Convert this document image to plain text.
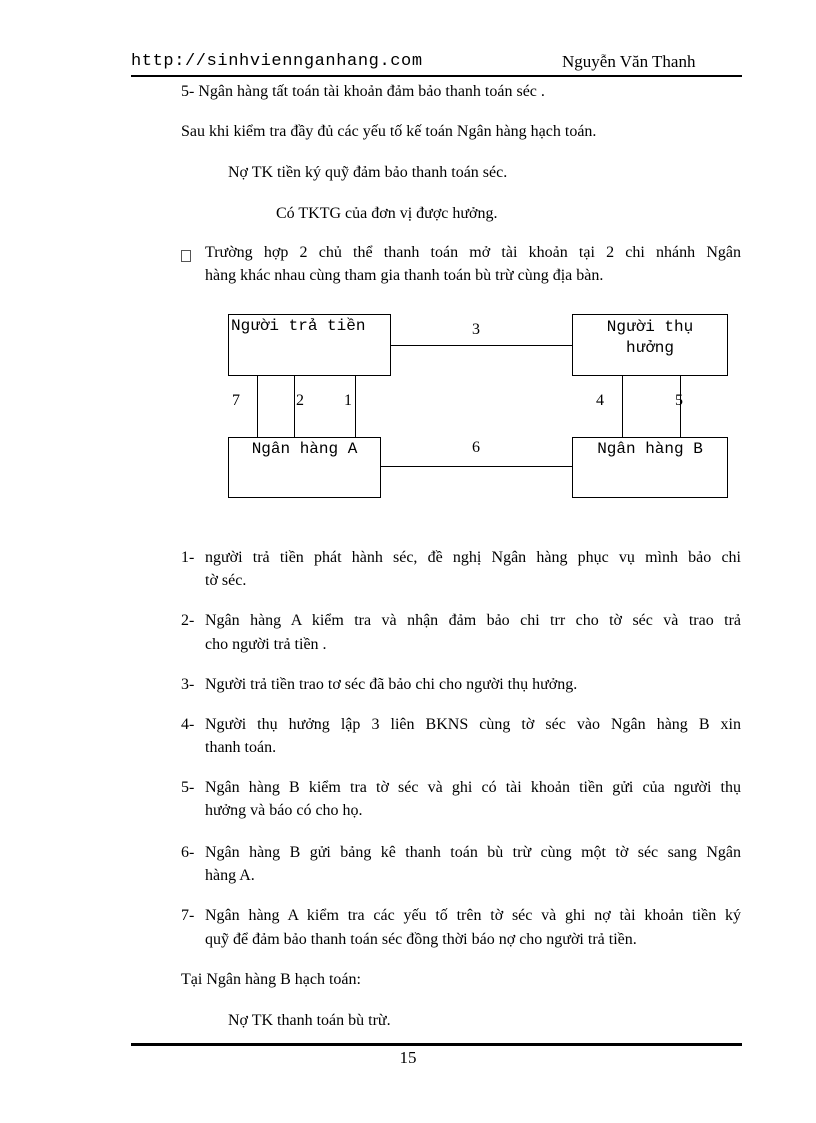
http://sinhviennganhang.com	Nguyễn Văn Thanh
5- Ngân hàng tất toán tài khoản đảm bảo thanh toán séc .
Sau khi kiểm tra đầy đủ các yếu tố kế toán Ngân hàng hạch toán.
Nợ TK tiền ký quỹ đảm bảo thanh toán séc.
Có TKTG của đơn vị được hưởng.
Trường hợp 2 chủ thể thanh toán mở tài khoản tại 2 chi nhánh Ngân
hàng khác nhau cùng tham gia thanh toán bù trừ cùng địa bàn.
Người trả tiền	Người thụ
hưởng
Ngân hàng A	Ngân hàng B
3
6
7	2	1	4	5
1- người trả tiền phát hành séc, đề nghị Ngân hàng phục vụ mình bảo chi
tờ séc.
2- Ngân hàng A kiểm tra và nhận đảm bảo chi trr cho tờ séc và trao trả
cho người trả tiền .
3- Người trả tiền trao tơ séc đã bảo chi cho người thụ hưởng.
4- Người thụ hưởng lập 3 liên BKNS cùng tờ séc vào Ngân hàng B xin
thanh toán.
5- Ngân hàng B kiểm tra tờ séc và ghi có tài khoản tiền gửi của người thụ
hưởng và báo có cho họ.
6- Ngân hàng B gửi bảng kê thanh toán bù trừ cùng một tờ séc sang Ngân
hàng A.
7- Ngân hàng A kiểm tra các yếu tố trên tờ séc và ghi nợ tài khoản tiền ký
quỹ để đảm bảo thanh toán séc đồng thời báo nợ cho người trả tiền.
Tại Ngân hàng B hạch toán:
Nợ TK thanh toán bù trừ.
15
